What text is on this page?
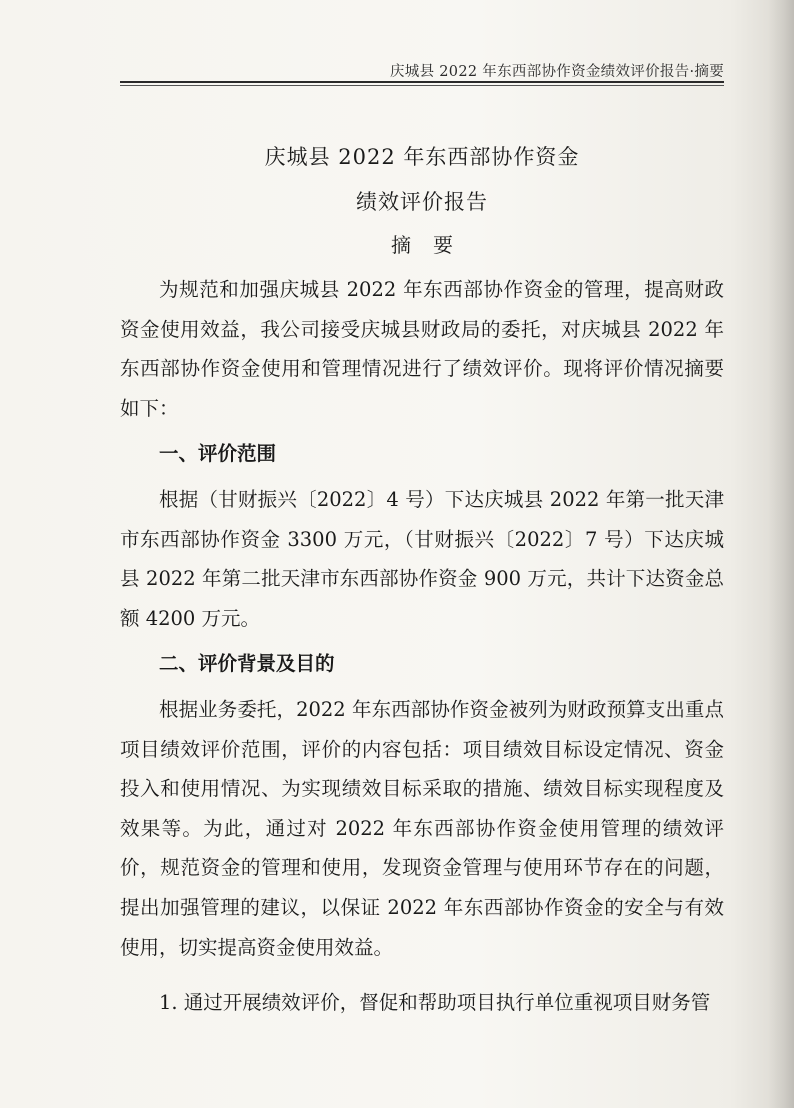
庆城县 2022 年东西部协作资金绩效评价报告·摘要
庆城县 2022 年东西部协作资金
绩效评价报告
摘要

为规范和加强庆城县 2022 年东西部协作资金的管理，提高财政资金使用效益，我公司接受庆城县财政局的委托，对庆城县 2022 年东西部协作资金使用和管理情况进行了绩效评价。现将评价情况摘要如下：

一、评价范围

根据（甘财振兴〔2022〕4 号）下达庆城县 2022 年第一批天津市东西部协作资金 3300 万元，（甘财振兴〔2022〕7 号）下达庆城县 2022 年第二批天津市东西部协作资金 900 万元，共计下达资金总额 4200 万元。

二、评价背景及目的

根据业务委托，2022 年东西部协作资金被列为财政预算支出重点项目绩效评价范围，评价的内容包括：项目绩效目标设定情况、资金投入和使用情况、为实现绩效目标采取的措施、绩效目标实现程度及效果等。为此，通过对 2022 年东西部协作资金使用管理的绩效评价，规范资金的管理和使用，发现资金管理与使用环节存在的问题，提出加强管理的建议，以保证 2022 年东西部协作资金的安全与有效使用，切实提高资金使用效益。

1. 通过开展绩效评价，督促和帮助项目执行单位重视项目财务管
